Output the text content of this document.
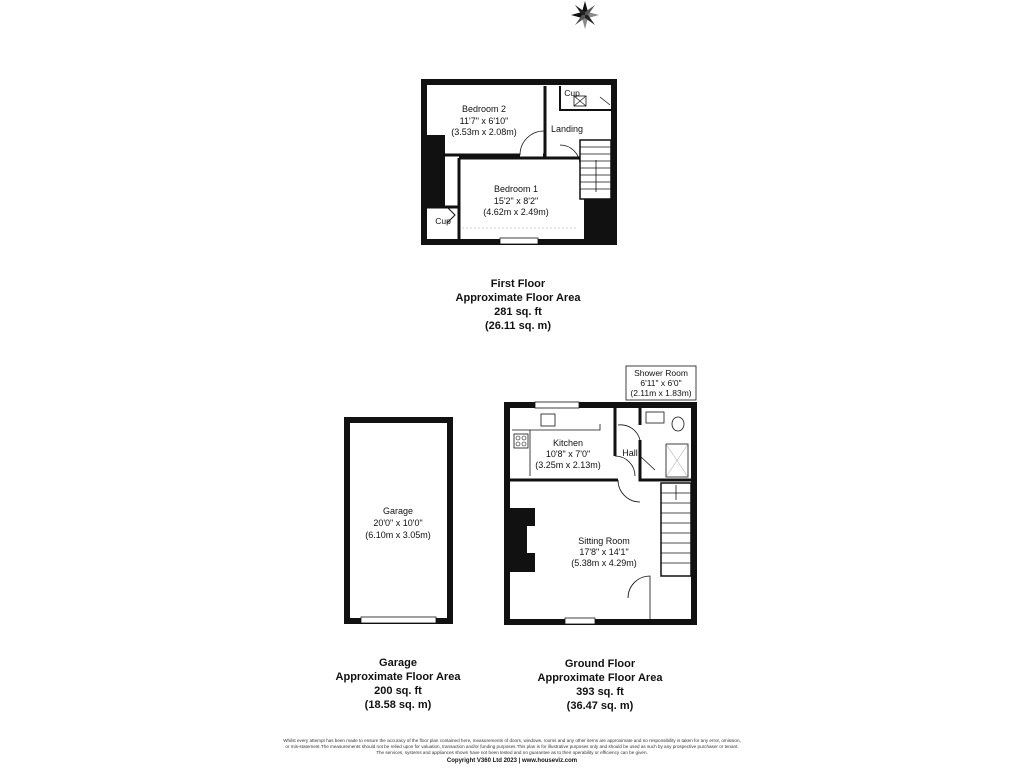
Bedroom 2
11'7" x 6'10"
(3.53m x 2.08m)
Bedroom 1
15'2" x 8'2"
(4.62m x 2.49m)
Landing
Cup
Cup
First Floor
Approximate Floor Area
281 sq. ft
(26.11 sq. m)
Garage
20'0" x 10'0"
(6.10m x 3.05m)
Garage
Approximate Floor Area
200 sq. ft
(18.58 sq. m)
Kitchen
10'8" x 7'0"
(3.25m x 2.13m)
Hall
Sitting Room
17'8" x 14'1"
(5.38m x 4.29m)
Shower Room
6'11" x 6'0"
(2.11m x 1.83m)
Ground Floor
Approximate Floor Area
393 sq. ft
(36.47 sq. m)
Whilst every attempt has been made to ensure the accuracy of the floor plan contained here, measurements of doors, windows, rooms and any other items are approximate and no responsibility is taken for any error, omission,
or mis-statement.The measurements should not be relied upon for valuation, transaction and/or funding purposes.This plan is for illustrative purposes only and should be used as such by any prospective purchaser or tenant.
The services, systems and appliances shown have not been tested and no guarantee as to their operability or efficiency can be given.
Copyright V360 Ltd 2023 | www.houseviz.com
